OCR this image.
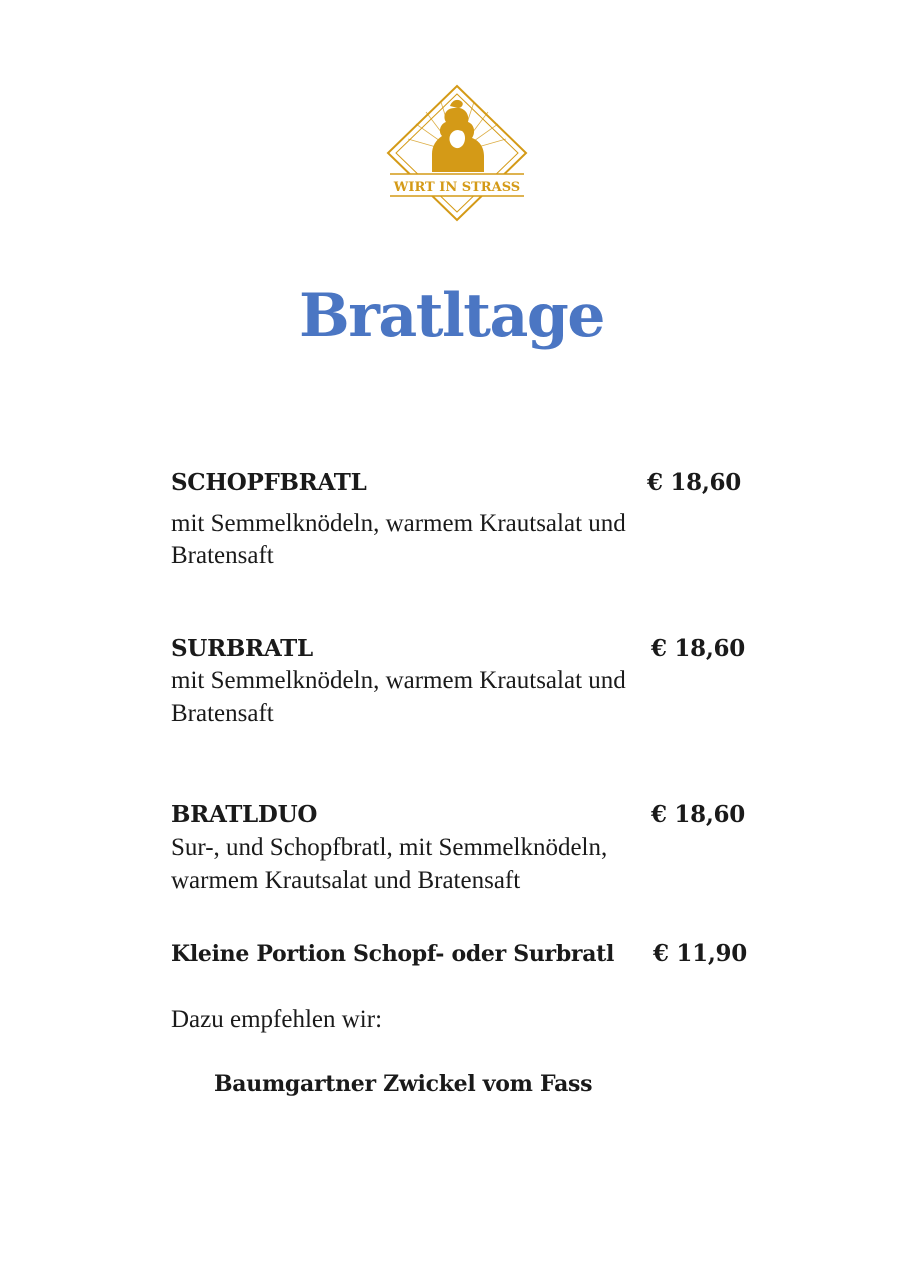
WIRT IN STRASS
Bratltage
SCHOPFBRATL	€ 18,60
mit Semmelknödeln, warmem Krautsalat und
Bratensaft
SURBRATL	€ 18,60
mit Semmelknödeln, warmem Krautsalat und
Bratensaft
BRATLDUO	€ 18,60
Sur-, und Schopfbratl, mit Semmelknödeln,
warmem Krautsalat und Bratensaft
Kleine Portion Schopf- oder Surbratl € 11,90
Dazu empfehlen wir:
Baumgartner Zwickel vom Fass
